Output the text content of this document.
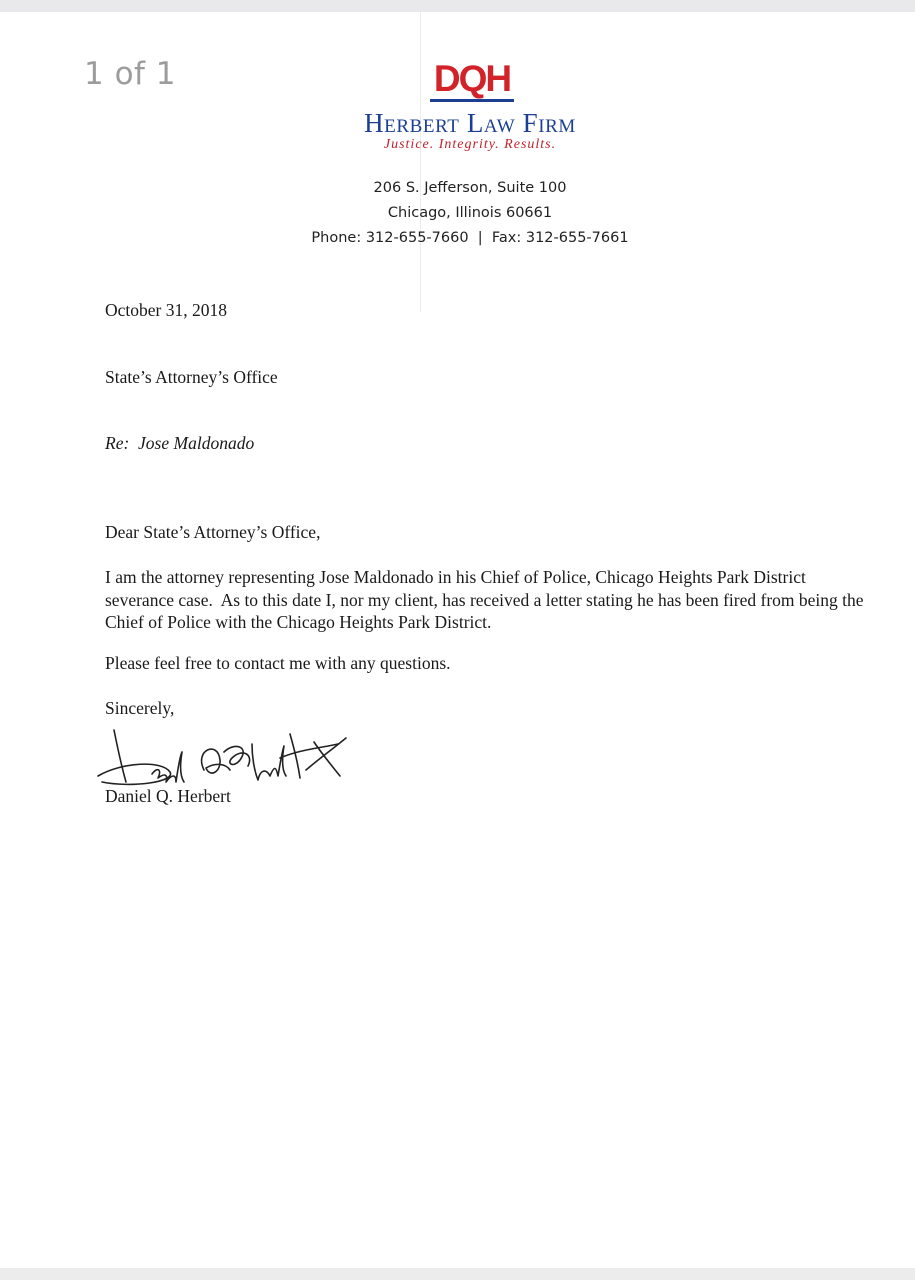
1 of 1	DQH
Herbert Law Firm
Justice. Integrity. Results.
206 S. Jefferson, Suite 100
Chicago, Illinois 60661
Phone: 312-655-7660  |  Fax: 312-655-7661
October 31, 2018
State’s Attorney’s Office
Re:  Jose Maldonado
Dear State’s Attorney’s Office,
I am the attorney representing Jose Maldonado in his Chief of Police, Chicago Heights Park District severance case.  As to this date I, nor my client, has received a letter stating he has been fired from being the Chief of Police with the Chicago Heights Park District.
Please feel free to contact me with any questions.
Sincerely,
Daniel Q. Herbert
